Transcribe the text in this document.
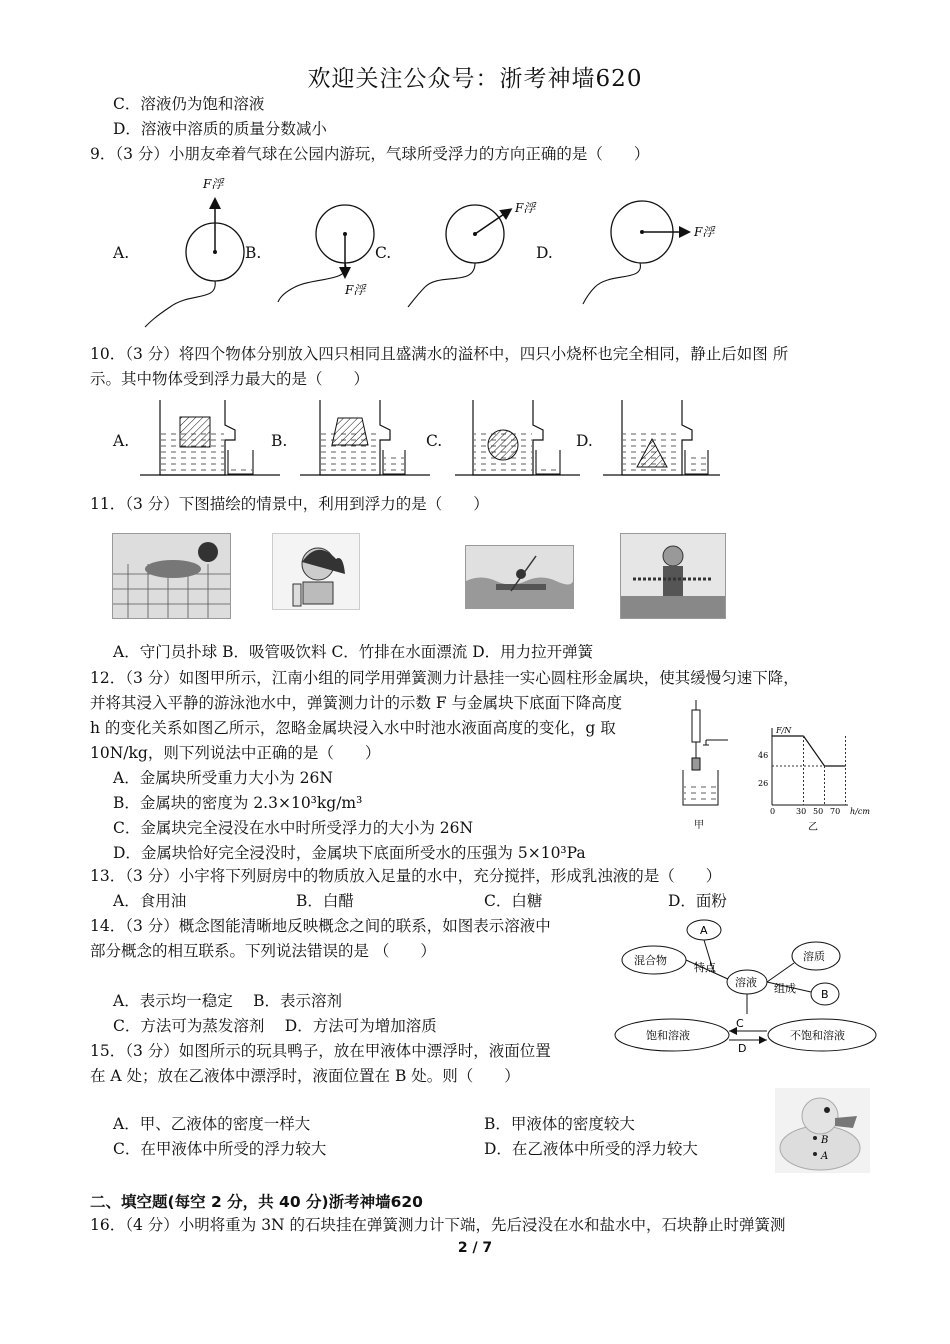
欢迎关注公众号：浙考神墙620
C．溶液仍为饱和溶液
D．溶液中溶质的质量分数减小
9．（3 分）小朋友牵着气球在公园内游玩，气球所受浮力的方向正确的是（　　）
A.	B.	C.	D.
F浮
F浮
F浮
F浮
10．（3 分）将四个物体分别放入四只相同且盛满水的溢杯中，四只小烧杯也完全相同，静止后如图 所
示。其中物体受到浮力最大的是（　　）
A.	B.	C.	D.
11．（3 分）下图描绘的情景中，利用到浮力的是（　　）
A．守门员扑球 B．吸管吸饮料 C．竹排在水面漂流 D．用力拉开弹簧
12．（3 分）如图甲所示，江南小组的同学用弹簧测力计悬挂一实心圆柱形金属块，使其缓慢匀速下降，
并将其浸入平静的游泳池水中，弹簧测力计的示数 F 与金属块下底面下降高度
h 的变化关系如图乙所示，忽略金属块浸入水中时池水液面高度的变化，g 取
10N/kg，则下列说法中正确的是（　　）
A．金属块所受重力大小为 26N
B．金属块的密度为 2.3×10³kg/m³
C．金属块完全浸没在水中时所受浮力的大小为 26N
D．金属块恰好完全浸没时，金属块下底面所受水的压强为 5×10³Pa
甲
F/N
46
26
0	30 50 70 h/cm
乙
13．（3 分）小宇将下列厨房中的物质放入足量的水中，充分搅拌，形成乳浊液的是（　　）
A．食用油	B．白醋	C．白糖	D．面粉
14．（3 分）概念图能清晰地反映概念之间的联系，如图表示溶液中
部分概念的相互联系。下列说法错误的是 （　　）
A．表示均一稳定　 B．表示溶剂
C．方法可为蒸发溶剂　 D．方法可为增加溶质
A
混合物
特点
溶液
溶质
B
组成
饱和溶液	不饱和溶液
C
D
15．（3 分）如图所示的玩具鸭子，放在甲液体中漂浮时，液面位置
在 A 处；放在乙液体中漂浮时，液面位置在 B 处。则（　　）
A．甲、乙液体的密度一样大	B．甲液体的密度较大
C．在甲液体中所受的浮力较大	D．在乙液体中所受的浮力较大	B
A
二、填空题(每空 2 分，共 40 分)浙考神墙620
16．（4 分）小明将重为 3N 的石块挂在弹簧测力计下端，先后浸没在水和盐水中，石块静止时弹簧测
2 / 7
